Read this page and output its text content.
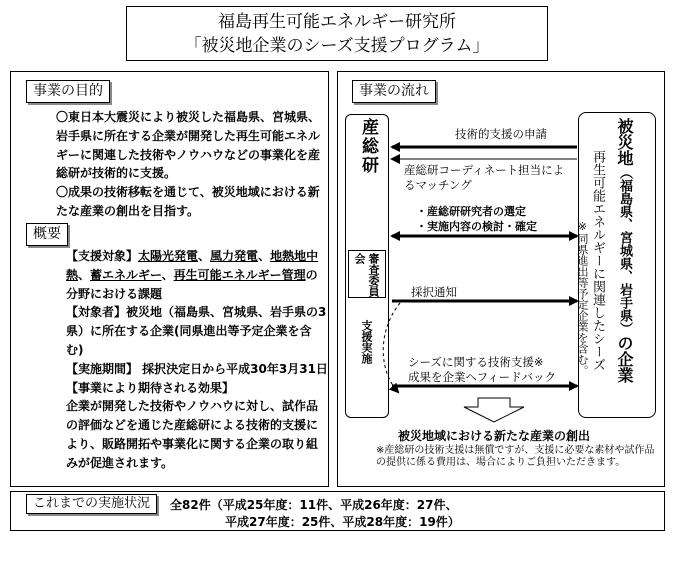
福島再生可能エネルギー研究所
「被災地企業のシーズ支援プログラム」
事業の目的
〇東日本大震災により被災した福島県、宮城県、岩手県に所在する企業が開発した再生可能エネルギーに関連した技術やノウハウなどの事業化を産総研が技術的に支援。
〇成果の技術移転を通じて、被災地域における新たな産業の創出を目指す。
概要
【支援対象】太陽光発電、風力発電、地熱地中熱、蓄エネルギー、再生可能エネルギー管理の分野における課題
【対象者】被災地（福島県、宮城県、岩手県の3県）に所在する企業(同県進出等予定企業を含む)
【実施期間】 採択決定日から平成30年3月31日
【事業により期待される効果】
企業が開発した技術やノウハウに対し、試作品の評価などを通じた産総研による技術的支援により、販路開拓や事業化に関する企業の取り組みが促進されます。
事業の流れ
産総研
審査委員会
支援実施
被災地（福島県、宮城県、岩手県）の企業
再生可能エネルギーに関連したシーズ
※同県進出等予定企業を含む。
技術的支援の申請
産総研コーディネート担当によるマッチング
・産総研研究者の選定
・実施内容の検討・確定
採択通知
シーズに関する技術支援※
成果を企業へフィードバック
被災地域における新たな産業の創出
※産総研の技術支援は無償ですが、支援に必要な素材や試作品の提供に係る費用は、場合によりご負担いただきます。
これまでの実施状況	全82件（平成25年度：11件、平成26年度：27件、
平成27年度：25件、平成28年度：19件）
